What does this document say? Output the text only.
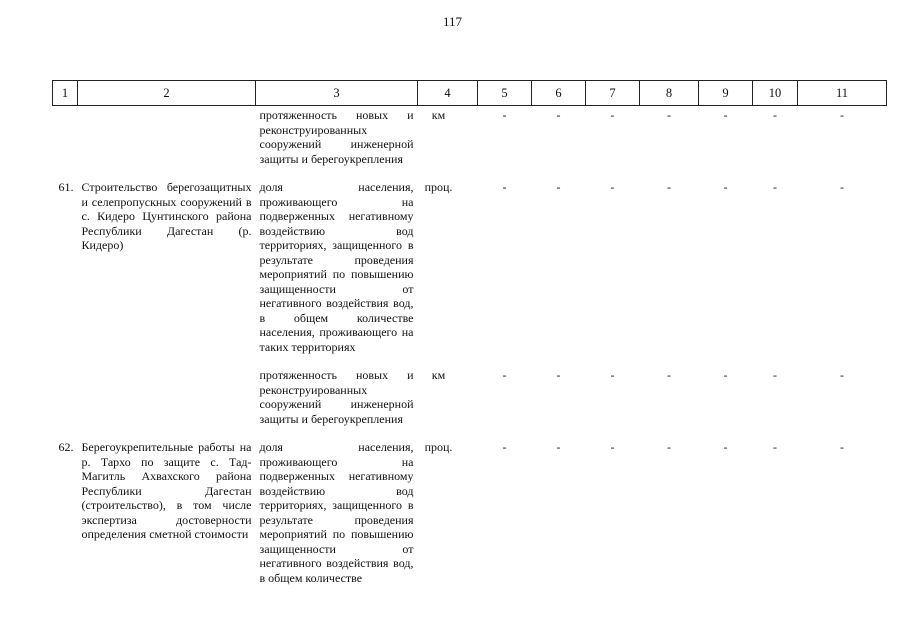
117
1	2	3	4	5	6	7	8	9	10	11
		протяженность новых и реконструированных сооружений инженерной защиты и берегоукрепления	км	-	-	-	-	-	-	-

61.	Строительство берегозащитных и селепропускных сооружений в с. Кидеро Цунтинского района Республики Дагестан (р. Кидеро)	доля населения, проживающего на подверженных негативному воздействию вод территориях, защищенного в результате проведения мероприятий по повышению защищенности от негативного воздействия вод, в общем количестве населения, проживающего на таких территориях	проц.	-	-	-	-	-	-	-

		протяженность новых и реконструированных сооружений инженерной защиты и берегоукрепления	км	-	-	-	-	-	-	-

62.	Берегоукрепительные работы на р. Тархо по защите с. Тад-Магитль Ахвахского района Республики Дагестан (строительство), в том числе экспертиза достоверности определения сметной стоимости	доля населения, проживающего на подверженных негативному воздействию вод территориях, защищенного в результате проведения мероприятий по повышению защищенности от негативного воздействия вод, в общем количестве	проц.	-	-	-	-	-	-	-
